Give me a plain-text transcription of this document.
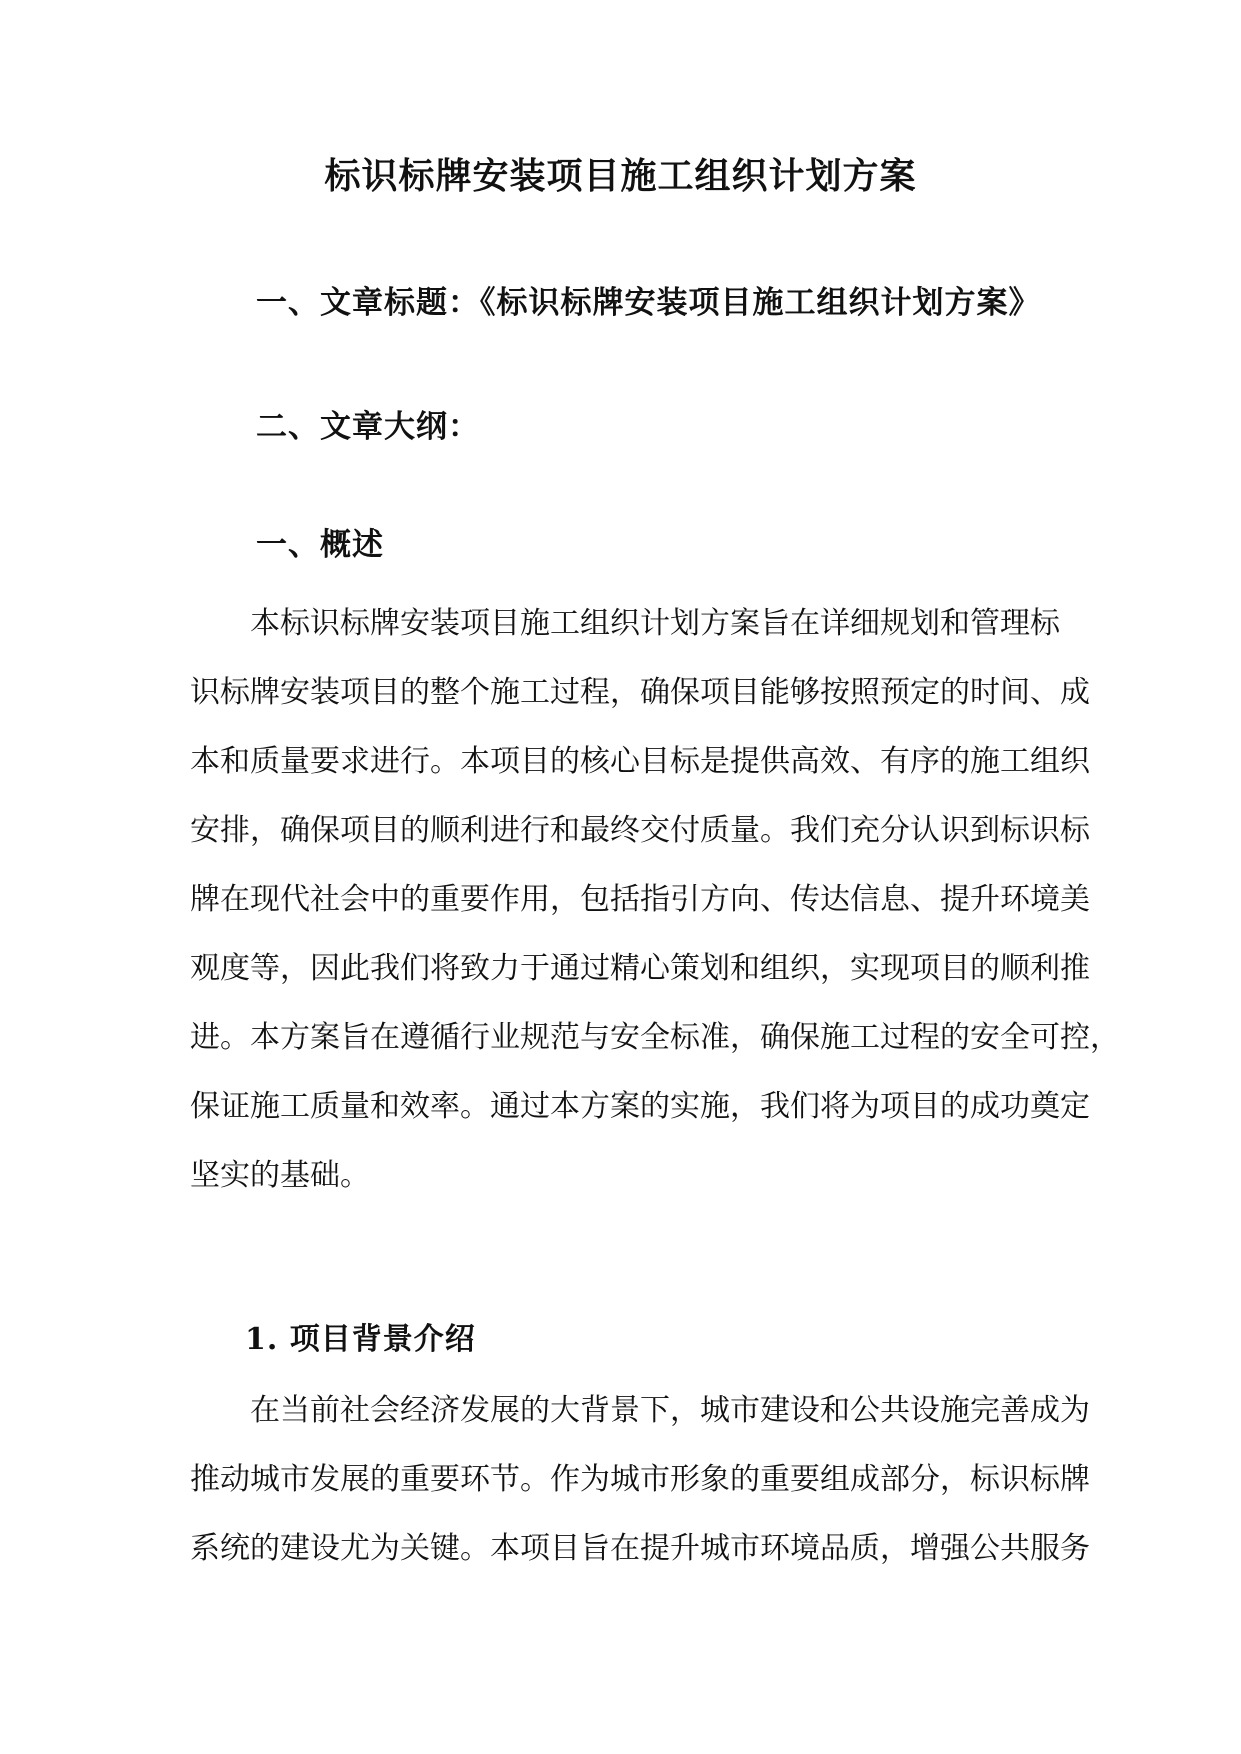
标识标牌安装项目施工组织计划方案
一、文章标题：《标识标牌安装项目施工组织计划方案》
二、文章大纲：
一、概述
本标识标牌安装项目施工组织计划方案旨在详细规划和管理标
识标牌安装项目的整个施工过程，确保项目能够按照预定的时间、成
本和质量要求进行。本项目的核心目标是提供高效、有序的施工组织
安排，确保项目的顺利进行和最终交付质量。我们充分认识到标识标
牌在现代社会中的重要作用，包括指引方向、传达信息、提升环境美
观度等，因此我们将致力于通过精心策划和组织，实现项目的顺利推
进。本方案旨在遵循行业规范与安全标准，确保施工过程的安全可控，
保证施工质量和效率。通过本方案的实施，我们将为项目的成功奠定
坚实的基础。
1. 项目背景介绍
在当前社会经济发展的大背景下，城市建设和公共设施完善成为
推动城市发展的重要环节。作为城市形象的重要组成部分，标识标牌
系统的建设尤为关键。本项目旨在提升城市环境品质，增强公共服务
